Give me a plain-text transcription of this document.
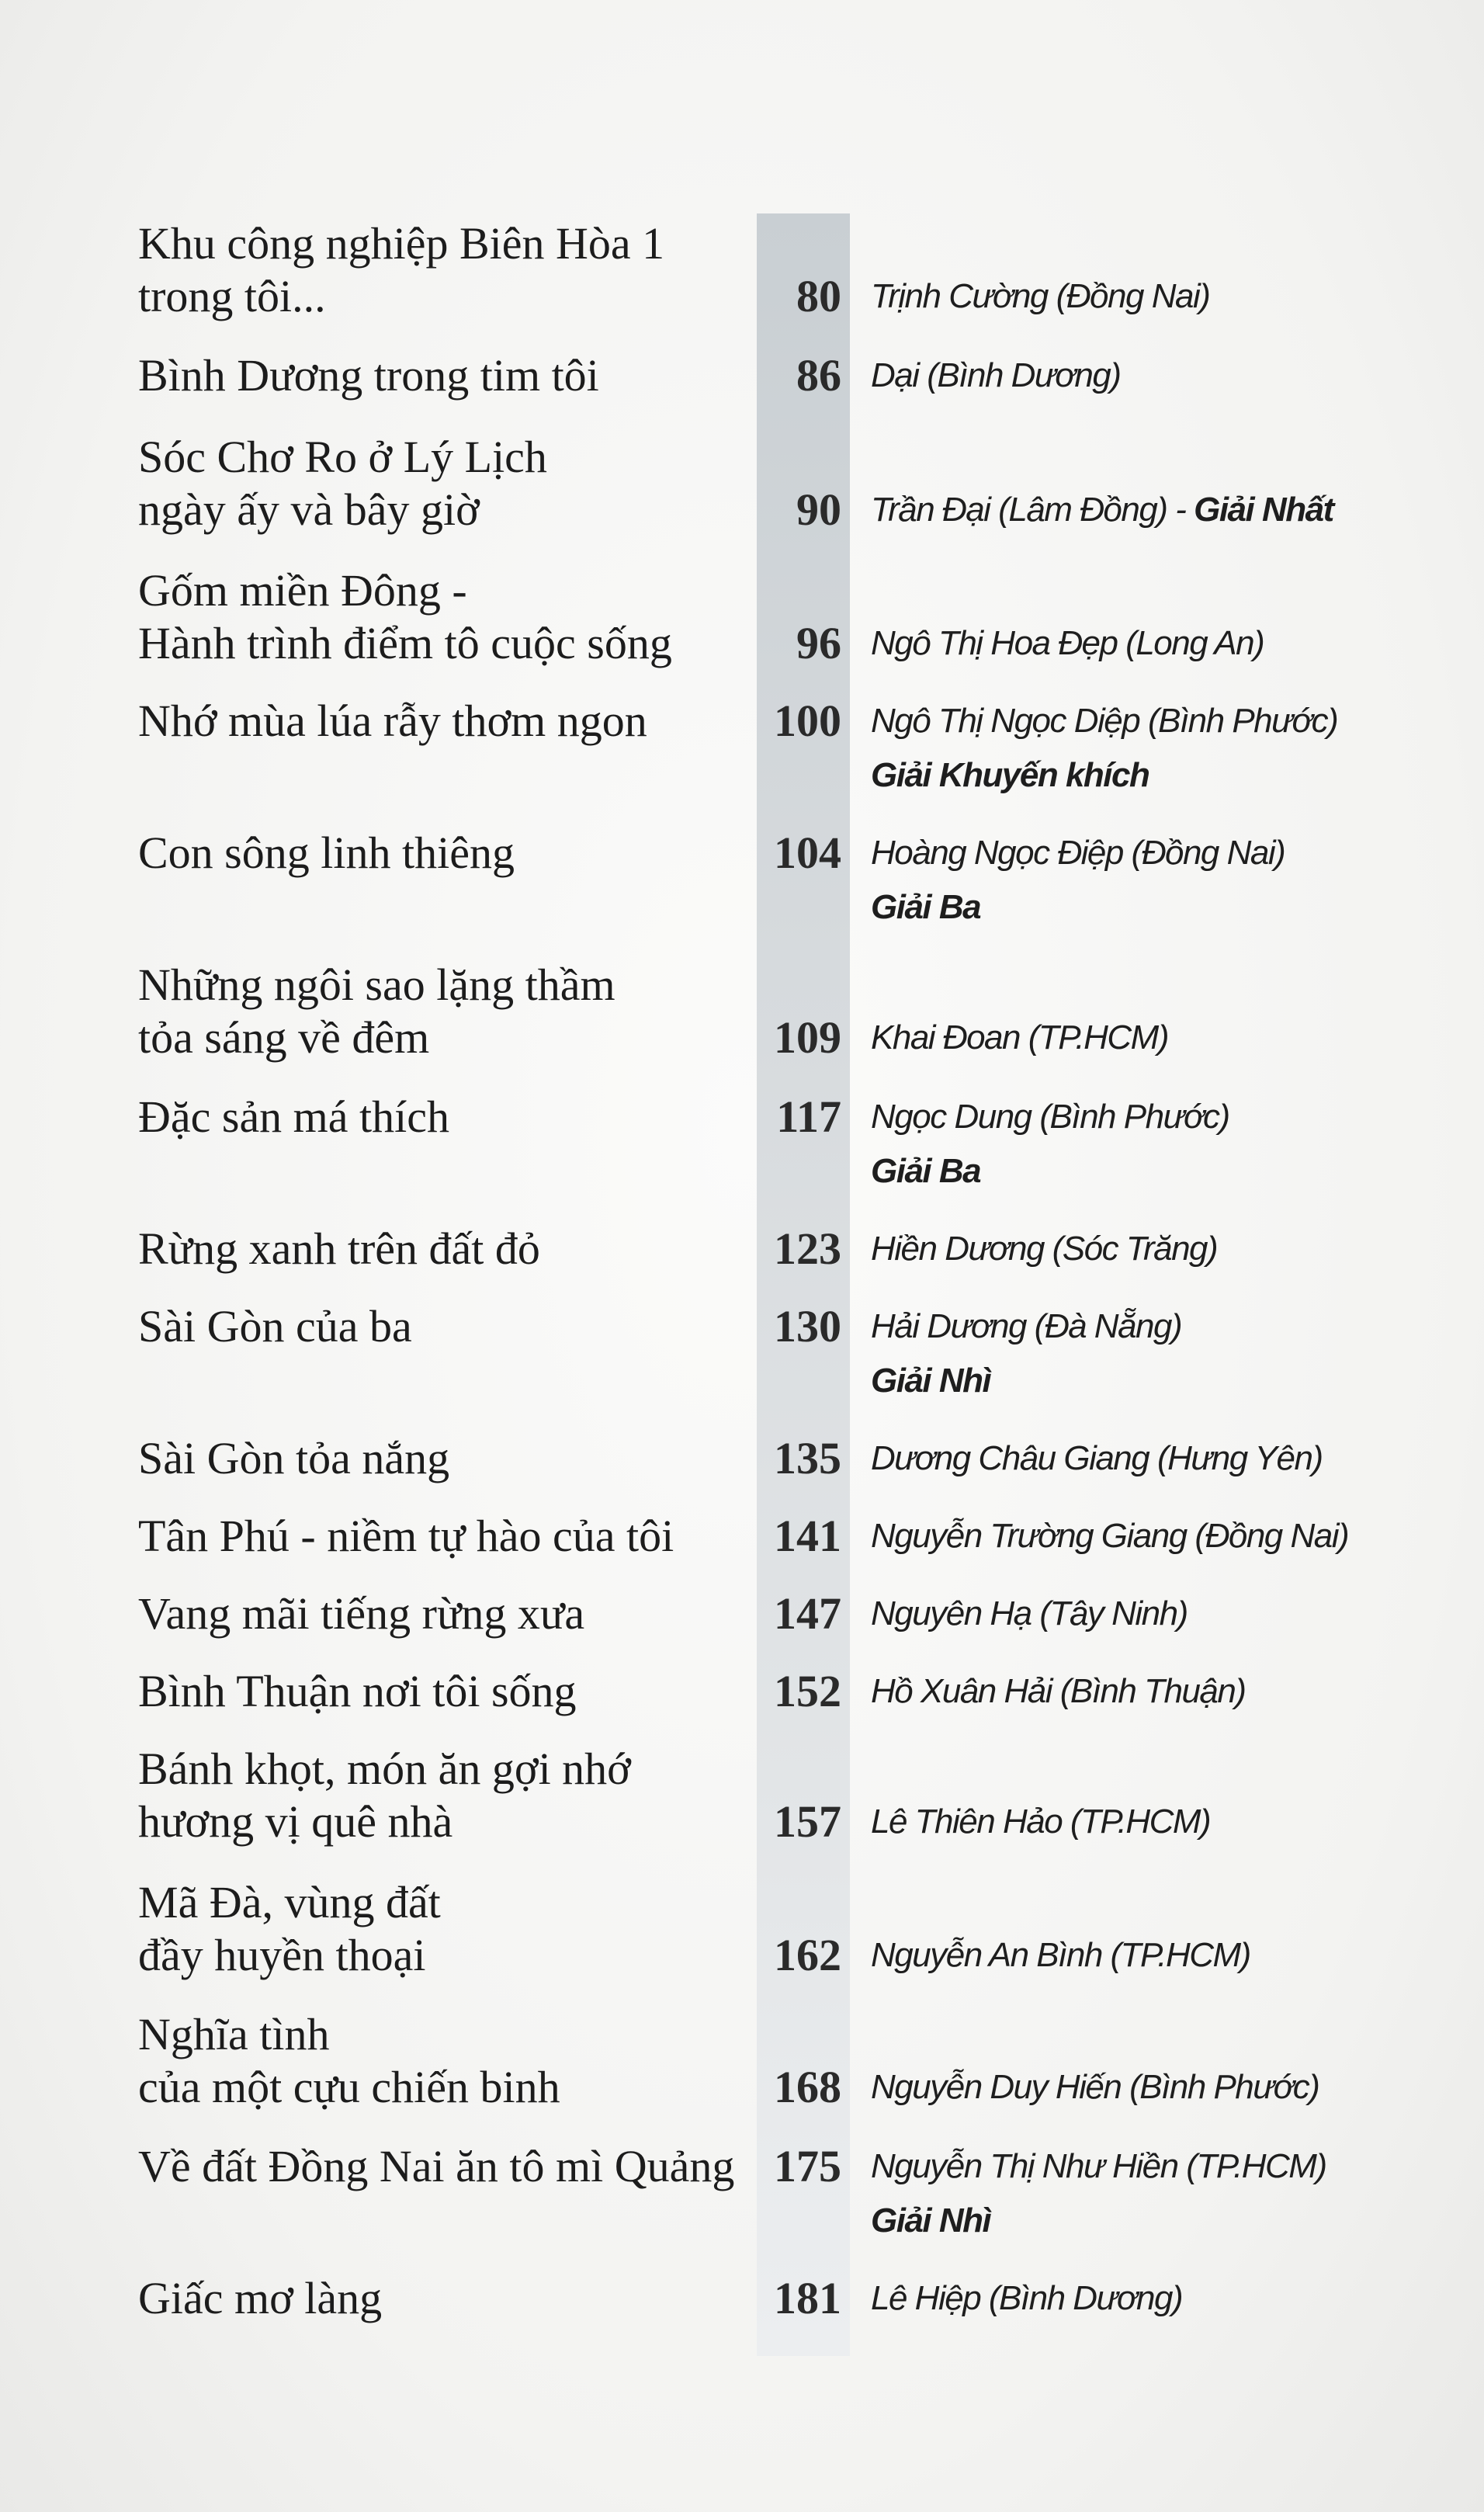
Khu công nghiệp Biên Hòa 1
trong tôi...	80 Trịnh Cường (Đồng Nai)
Bình Dương trong tim tôi	86 Dại (Bình Dương)
Sóc Chơ Ro ở Lý Lịch
ngày ấy và bây giờ	90 Trần Đại (Lâm Đồng) - Giải Nhất
Gốm miền Đông -
Hành trình điểm tô cuộc sống	96 Ngô Thị Hoa Đẹp (Long An)
Nhớ mùa lúa rẫy thơm ngon	100 Ngô Thị Ngọc Diệp (Bình Phước)
Giải Khuyến khích
Con sông linh thiêng	104 Hoàng Ngọc Điệp (Đồng Nai)
Giải Ba
Những ngôi sao lặng thầm
tỏa sáng về đêm	109 Khai Đoan (TP.HCM)
Đặc sản má thích	117 Ngọc Dung (Bình Phước)
Giải Ba
Rừng xanh trên đất đỏ	123 Hiền Dương (Sóc Trăng)
Sài Gòn của ba	130 Hải Dương (Đà Nẵng)
Giải Nhì
Sài Gòn tỏa nắng	135 Dương Châu Giang (Hưng Yên)
Tân Phú - niềm tự hào của tôi	141 Nguyễn Trường Giang (Đồng Nai)
Vang mãi tiếng rừng xưa	147 Nguyên Hạ (Tây Ninh)
Bình Thuận nơi tôi sống	152 Hồ Xuân Hải (Bình Thuận)
Bánh khọt, món ăn gợi nhớ
hương vị quê nhà	157 Lê Thiên Hảo (TP.HCM)
Mã Đà, vùng đất
đầy huyền thoại	162 Nguyễn An Bình (TP.HCM)
Nghĩa tình
của một cựu chiến binh	168 Nguyễn Duy Hiến (Bình Phước)
Về đất Đồng Nai ăn tô mì Quảng 175 Nguyễn Thị Như Hiền (TP.HCM)
Giải Nhì
Giấc mơ làng	181 Lê Hiệp (Bình Dương)
